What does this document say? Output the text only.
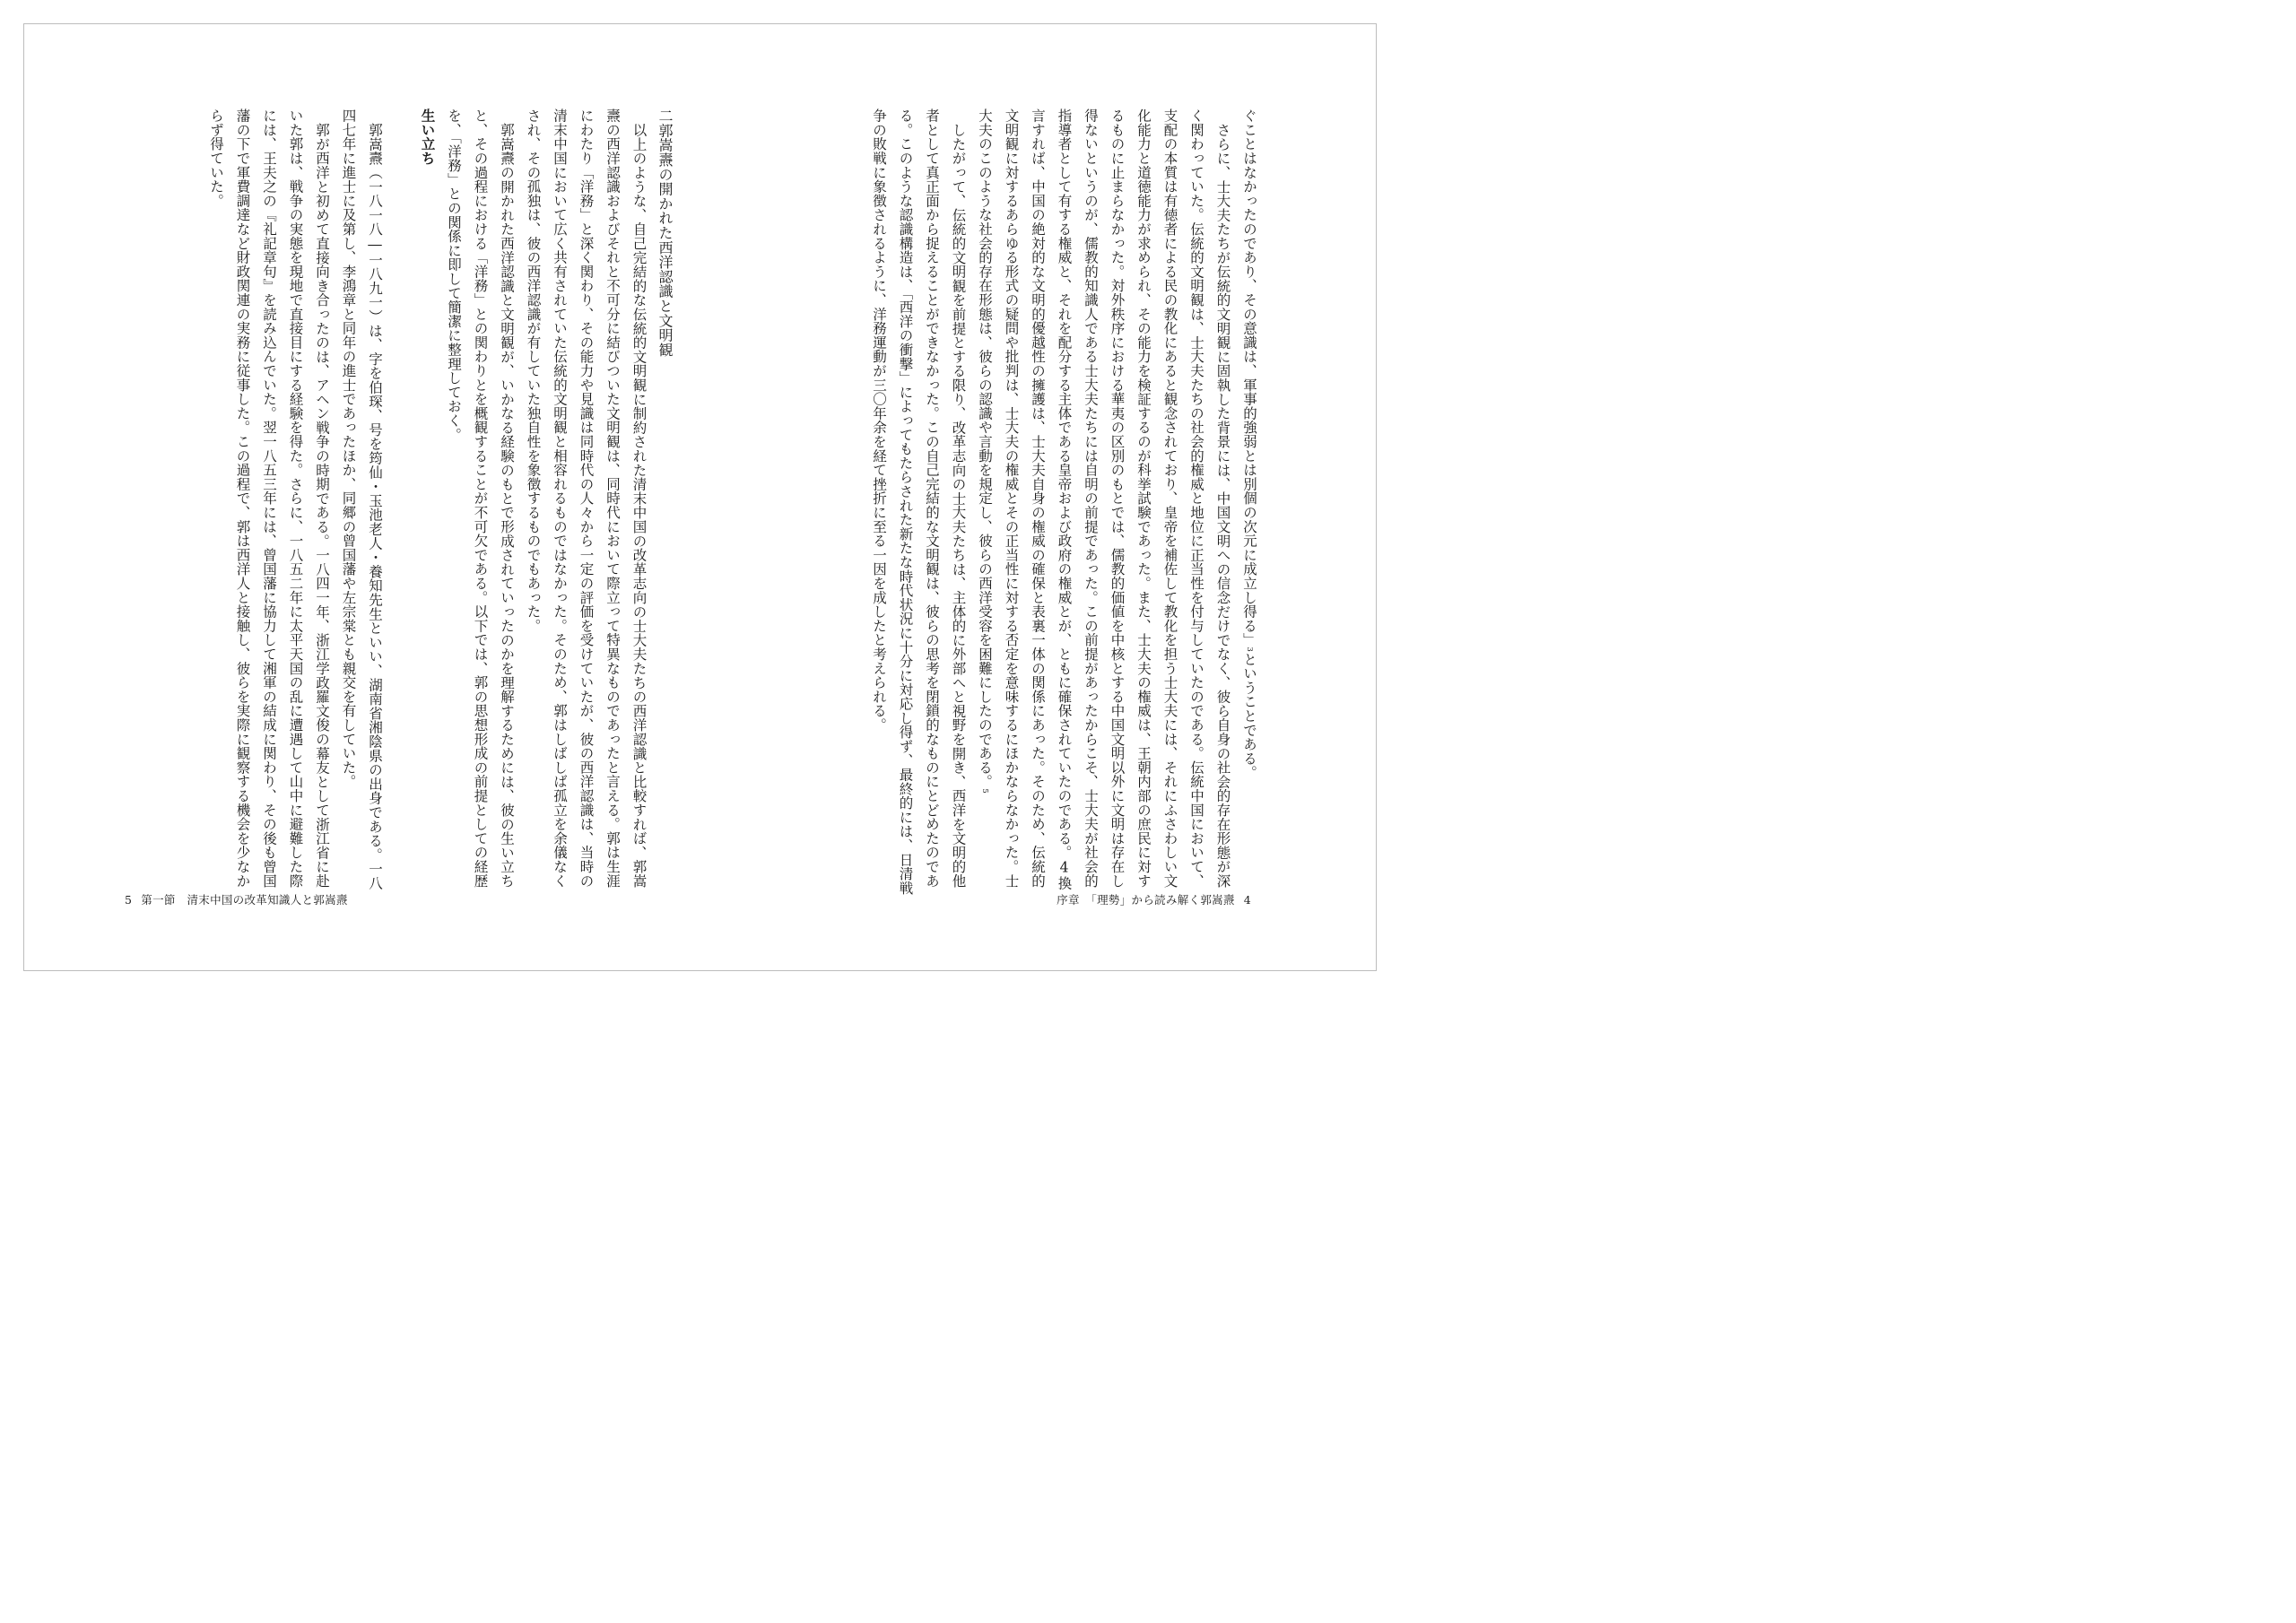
ぐことはなかったのであり、その意識は、軍事的強弱とは別個の次元に成立し得る」3ということである。

さらに、士大夫たちが伝統的文明観に固執した背景には、中国文明への信念だけでなく、彼ら自身の社会的存在形態が深く関わっていた。伝統的文明観は、士大夫たちの社会的権威と地位に正当性を付与していたのである。伝統中国において、支配の本質は有徳者による民の教化にあると観念されており、皇帝を補佐して教化を担う士大夫には、それにふさわしい文化能力と道徳能力が求められ、その能力を検証するのが科挙試験であった。また、士大夫の権威は、王朝内部の庶民に対するものに止まらなかった。対外秩序における華夷の区別のもとでは、儒教的価値を中核とする中国文明以外に文明は存在し得ないというのが、儒教的知識人である士大夫たちには自明の前提であった。この前提があったからこそ、士大夫が社会的指導者として有する権威と、それを配分する主体である皇帝および政府の権威とが、ともに確保されていたのである。4換言すれば、中国の絶対的な文明的優越性の擁護は、士大夫自身の権威の確保と表裏一体の関係にあった。そのため、伝統的文明観に対するあらゆる形式の疑問や批判は、士大夫の権威とその正当性に対する否定を意味するにほかならなかった。士大夫のこのような社会的存在形態は、彼らの認識や言動を規定し、彼らの西洋受容を困難にしたのである。5

したがって、伝統的文明観を前提とする限り、改革志向の士大夫たちは、主体的に外部へと視野を開き、西洋を文明的他者として真正面から捉えることができなかった。この自己完結的な文明観は、彼らの思考を閉鎖的なものにとどめたのである。このような認識構造は、「西洋の衝撃」によってもたらされた新たな時代状況に十分に対応し得ず、最終的には、日清戦争の敗戦に象徴されるように、洋務運動が三〇年余を経て挫折に至る一因を成したと考えられる。

序章　「理勢」から読み解く郭嵩燾 4

二郭嵩燾の開かれた西洋認識と文明観

以上のような、自己完結的な伝統的文明観に制約された清末中国の改革志向の士大夫たちの西洋認識と比較すれば、郭嵩燾の西洋認識およびそれと不可分に結びついた文明観は、同時代において際立って特異なものであったと言える。郭は生涯にわたり「洋務」と深く関わり、その能力や見識は同時代の人々から一定の評価を受けていたが、彼の西洋認識は、当時の清末中国において広く共有されていた伝統的文明観と相容れるものではなかった。そのため、郭はしばしば孤立を余儀なくされ、その孤独は、彼の西洋認識が有していた独自性を象徴するものでもあった。

郭嵩燾の開かれた西洋認識と文明観が、いかなる経験のもとで形成されていったのかを理解するためには、彼の生い立ちと、その過程における「洋務」との関わりとを概観することが不可欠である。以下では、郭の思想形成の前提としての経歴を、「洋務」との関係に即して簡潔に整理しておく。

生い立ち

郭嵩燾（一八一八―一八九一）は、字を伯琛、号を筠仙・玉池老人・養知先生といい、湖南省湘陰県の出身である。一八四七年に進士に及第し、李鴻章と同年の進士であったほか、同郷の曾国藩や左宗棠とも親交を有していた。

郭が西洋と初めて直接向き合ったのは、アヘン戦争の時期である。一八四一年、浙江学政羅文俊の幕友として浙江省に赴いた郭は、戦争の実態を現地で直接目にする経験を得た。さらに、一八五二年に太平天国の乱に遭遇して山中に避難した際には、王夫之の『礼記章句』を読み込んでいた。翌一八五三年には、曾国藩に協力して湘軍の結成に関わり、その後も曾国藩の下で軍費調達など財政関連の実務に従事した。この過程で、郭は西洋人と接触し、彼らを実際に観察する機会を少なからず得ていた。

5 第一節　清末中国の改革知識人と郭嵩燾
